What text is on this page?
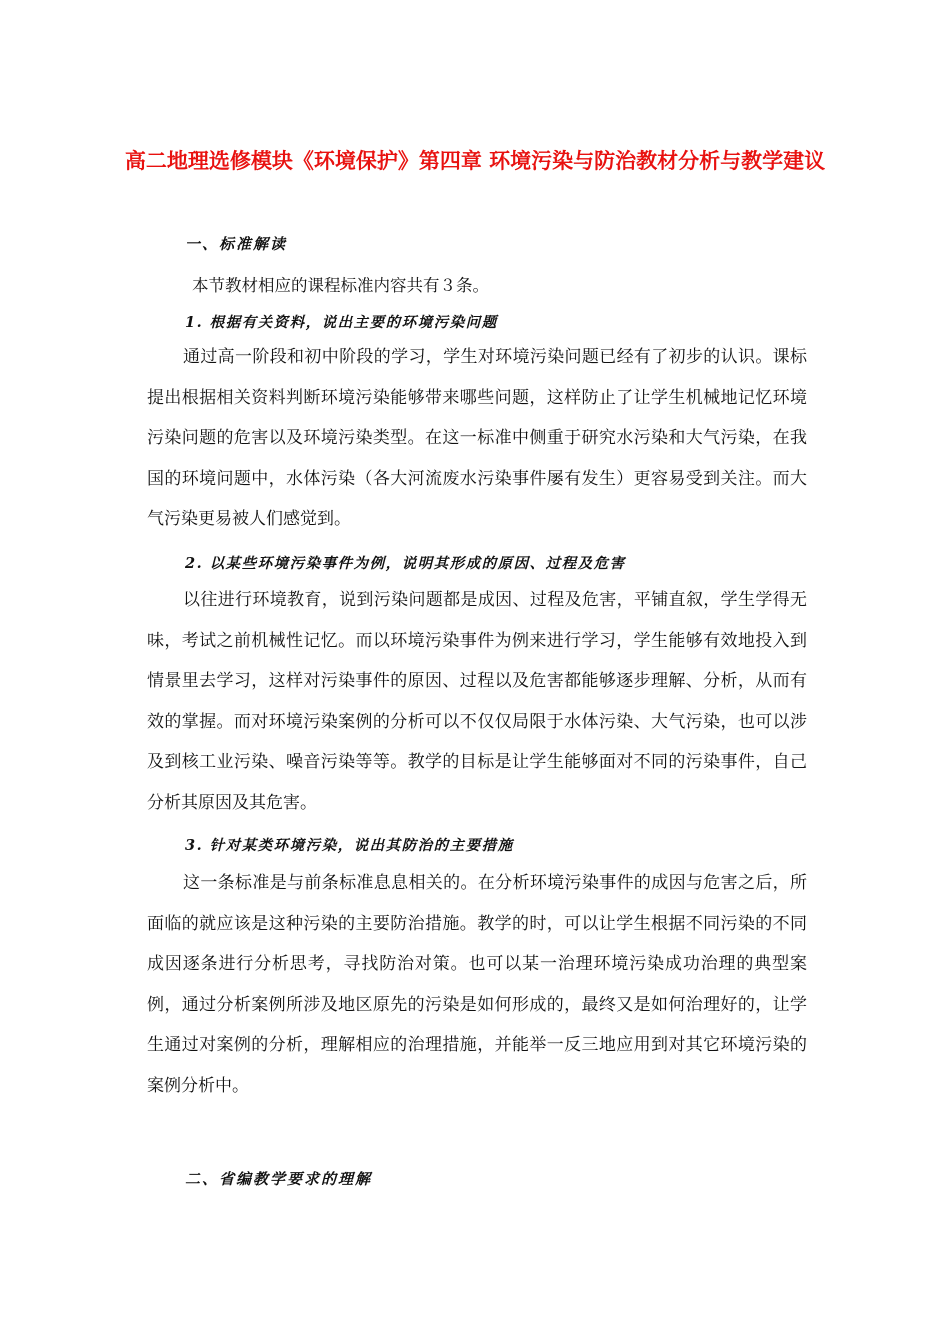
高二地理选修模块《环境保护》第四章 环境污染与防治教材分析与教学建议
一、标准解读

本节教材相应的课程标准内容共有３条。

1. 根据有关资料，说出主要的环境污染问题

通过高一阶段和初中阶段的学习，学生对环境污染问题已经有了初步的认识。课标提出根据相关资料判断环境污染能够带来哪些问题，这样防止了让学生机械地记忆环境污染问题的危害以及环境污染类型。在这一标准中侧重于研究水污染和大气污染，在我国的环境问题中，水体污染（各大河流废水污染事件屡有发生）更容易受到关注。而大气污染更易被人们感觉到。

2. 以某些环境污染事件为例，说明其形成的原因、过程及危害

以往进行环境教育，说到污染问题都是成因、过程及危害，平铺直叙，学生学得无味，考试之前机械性记忆。而以环境污染事件为例来进行学习，学生能够有效地投入到情景里去学习，这样对污染事件的原因、过程以及危害都能够逐步理解、分析，从而有效的掌握。而对环境污染案例的分析可以不仅仅局限于水体污染、大气污染，也可以涉及到核工业污染、噪音污染等等。教学的目标是让学生能够面对不同的污染事件，自己分析其原因及其危害。

3. 针对某类环境污染，说出其防治的主要措施

这一条标准是与前条标准息息相关的。在分析环境污染事件的成因与危害之后，所面临的就应该是这种污染的主要防治措施。教学的时，可以让学生根据不同污染的不同成因逐条进行分析思考，寻找防治对策。也可以某一治理环境污染成功治理的典型案例，通过分析案例所涉及地区原先的污染是如何形成的，最终又是如何治理好的，让学生通过对案例的分析，理解相应的治理措施，并能举一反三地应用到对其它环境污染的案例分析中。

二、省编教学要求的理解
